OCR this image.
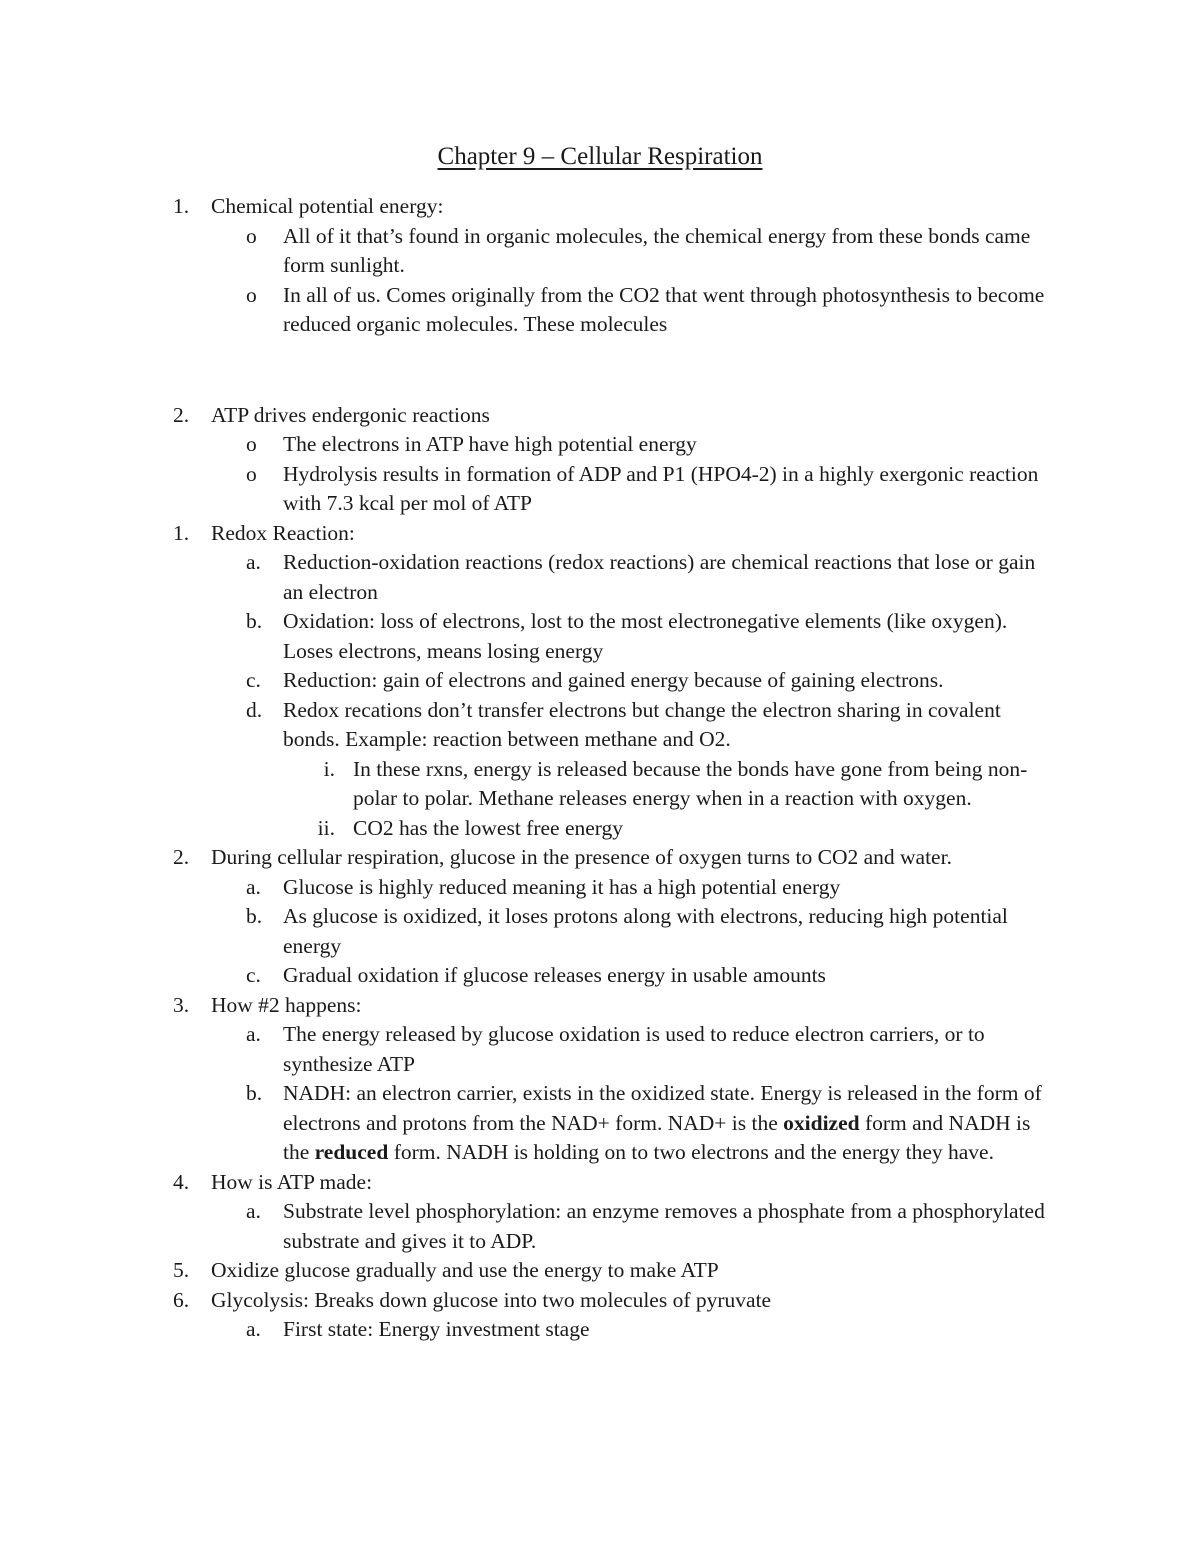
Chapter 9 – Cellular Respiration
1. Chemical potential energy:
o All of it that’s found in organic molecules, the chemical energy from these bonds came form sunlight.
o In all of us. Comes originally from the CO2 that went through photosynthesis to become reduced organic molecules. These molecules
2. ATP drives endergonic reactions
o The electrons in ATP have high potential energy
o Hydrolysis results in formation of ADP and P1 (HPO4-2) in a highly exergonic reaction with 7.3 kcal per mol of ATP
1. Redox Reaction:
a. Reduction-oxidation reactions (redox reactions) are chemical reactions that lose or gain an electron
b. Oxidation: loss of electrons, lost to the most electronegative elements (like oxygen). Loses electrons, means losing energy
c. Reduction: gain of electrons and gained energy because of gaining electrons.
d. Redox recations don’t transfer electrons but change the electron sharing in covalent bonds. Example: reaction between methane and O2.
i. In these rxns, energy is released because the bonds have gone from being non-polar to polar. Methane releases energy when in a reaction with oxygen.
ii. CO2 has the lowest free energy
2. During cellular respiration, glucose in the presence of oxygen turns to CO2 and water.
a. Glucose is highly reduced meaning it has a high potential energy
b. As glucose is oxidized, it loses protons along with electrons, reducing high potential energy
c. Gradual oxidation if glucose releases energy in usable amounts
3. How #2 happens:
a. The energy released by glucose oxidation is used to reduce electron carriers, or to synthesize ATP
b. NADH: an electron carrier, exists in the oxidized state. Energy is released in the form of electrons and protons from the NAD+ form. NAD+ is the oxidized form and NADH is the reduced form. NADH is holding on to two electrons and the energy they have.
4. How is ATP made:
a. Substrate level phosphorylation: an enzyme removes a phosphate from a phosphorylated substrate and gives it to ADP.
5. Oxidize glucose gradually and use the energy to make ATP
6. Glycolysis: Breaks down glucose into two molecules of pyruvate
a. First state: Energy investment stage
